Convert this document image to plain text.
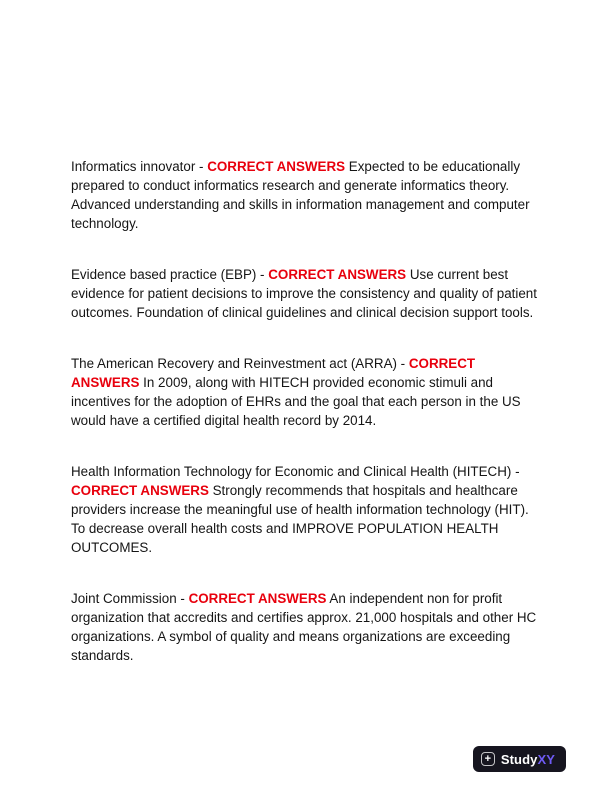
Informatics innovator - CORRECT ANSWERS Expected to be educationally prepared to conduct informatics research and generate informatics theory. Advanced understanding and skills in information management and computer technology.

Evidence based practice (EBP) - CORRECT ANSWERS Use current best evidence for patient decisions to improve the consistency and quality of patient outcomes. Foundation of clinical guidelines and clinical decision support tools.

The American Recovery and Reinvestment act (ARRA) - CORRECT ANSWERS In 2009, along with HITECH provided economic stimuli and incentives for the adoption of EHRs and the goal that each person in the US would have a certified digital health record by 2014.

Health Information Technology for Economic and Clinical Health (HITECH) - CORRECT ANSWERS Strongly recommends that hospitals and healthcare providers increase the meaningful use of health information technology (HIT). To decrease overall health costs and IMPROVE POPULATION HEALTH OUTCOMES.

Joint Commission - CORRECT ANSWERS An independent non for profit organization that accredits and certifies approx. 21,000 hospitals and other HC organizations. A symbol of quality and means organizations are exceeding standards.

+ Study XY
